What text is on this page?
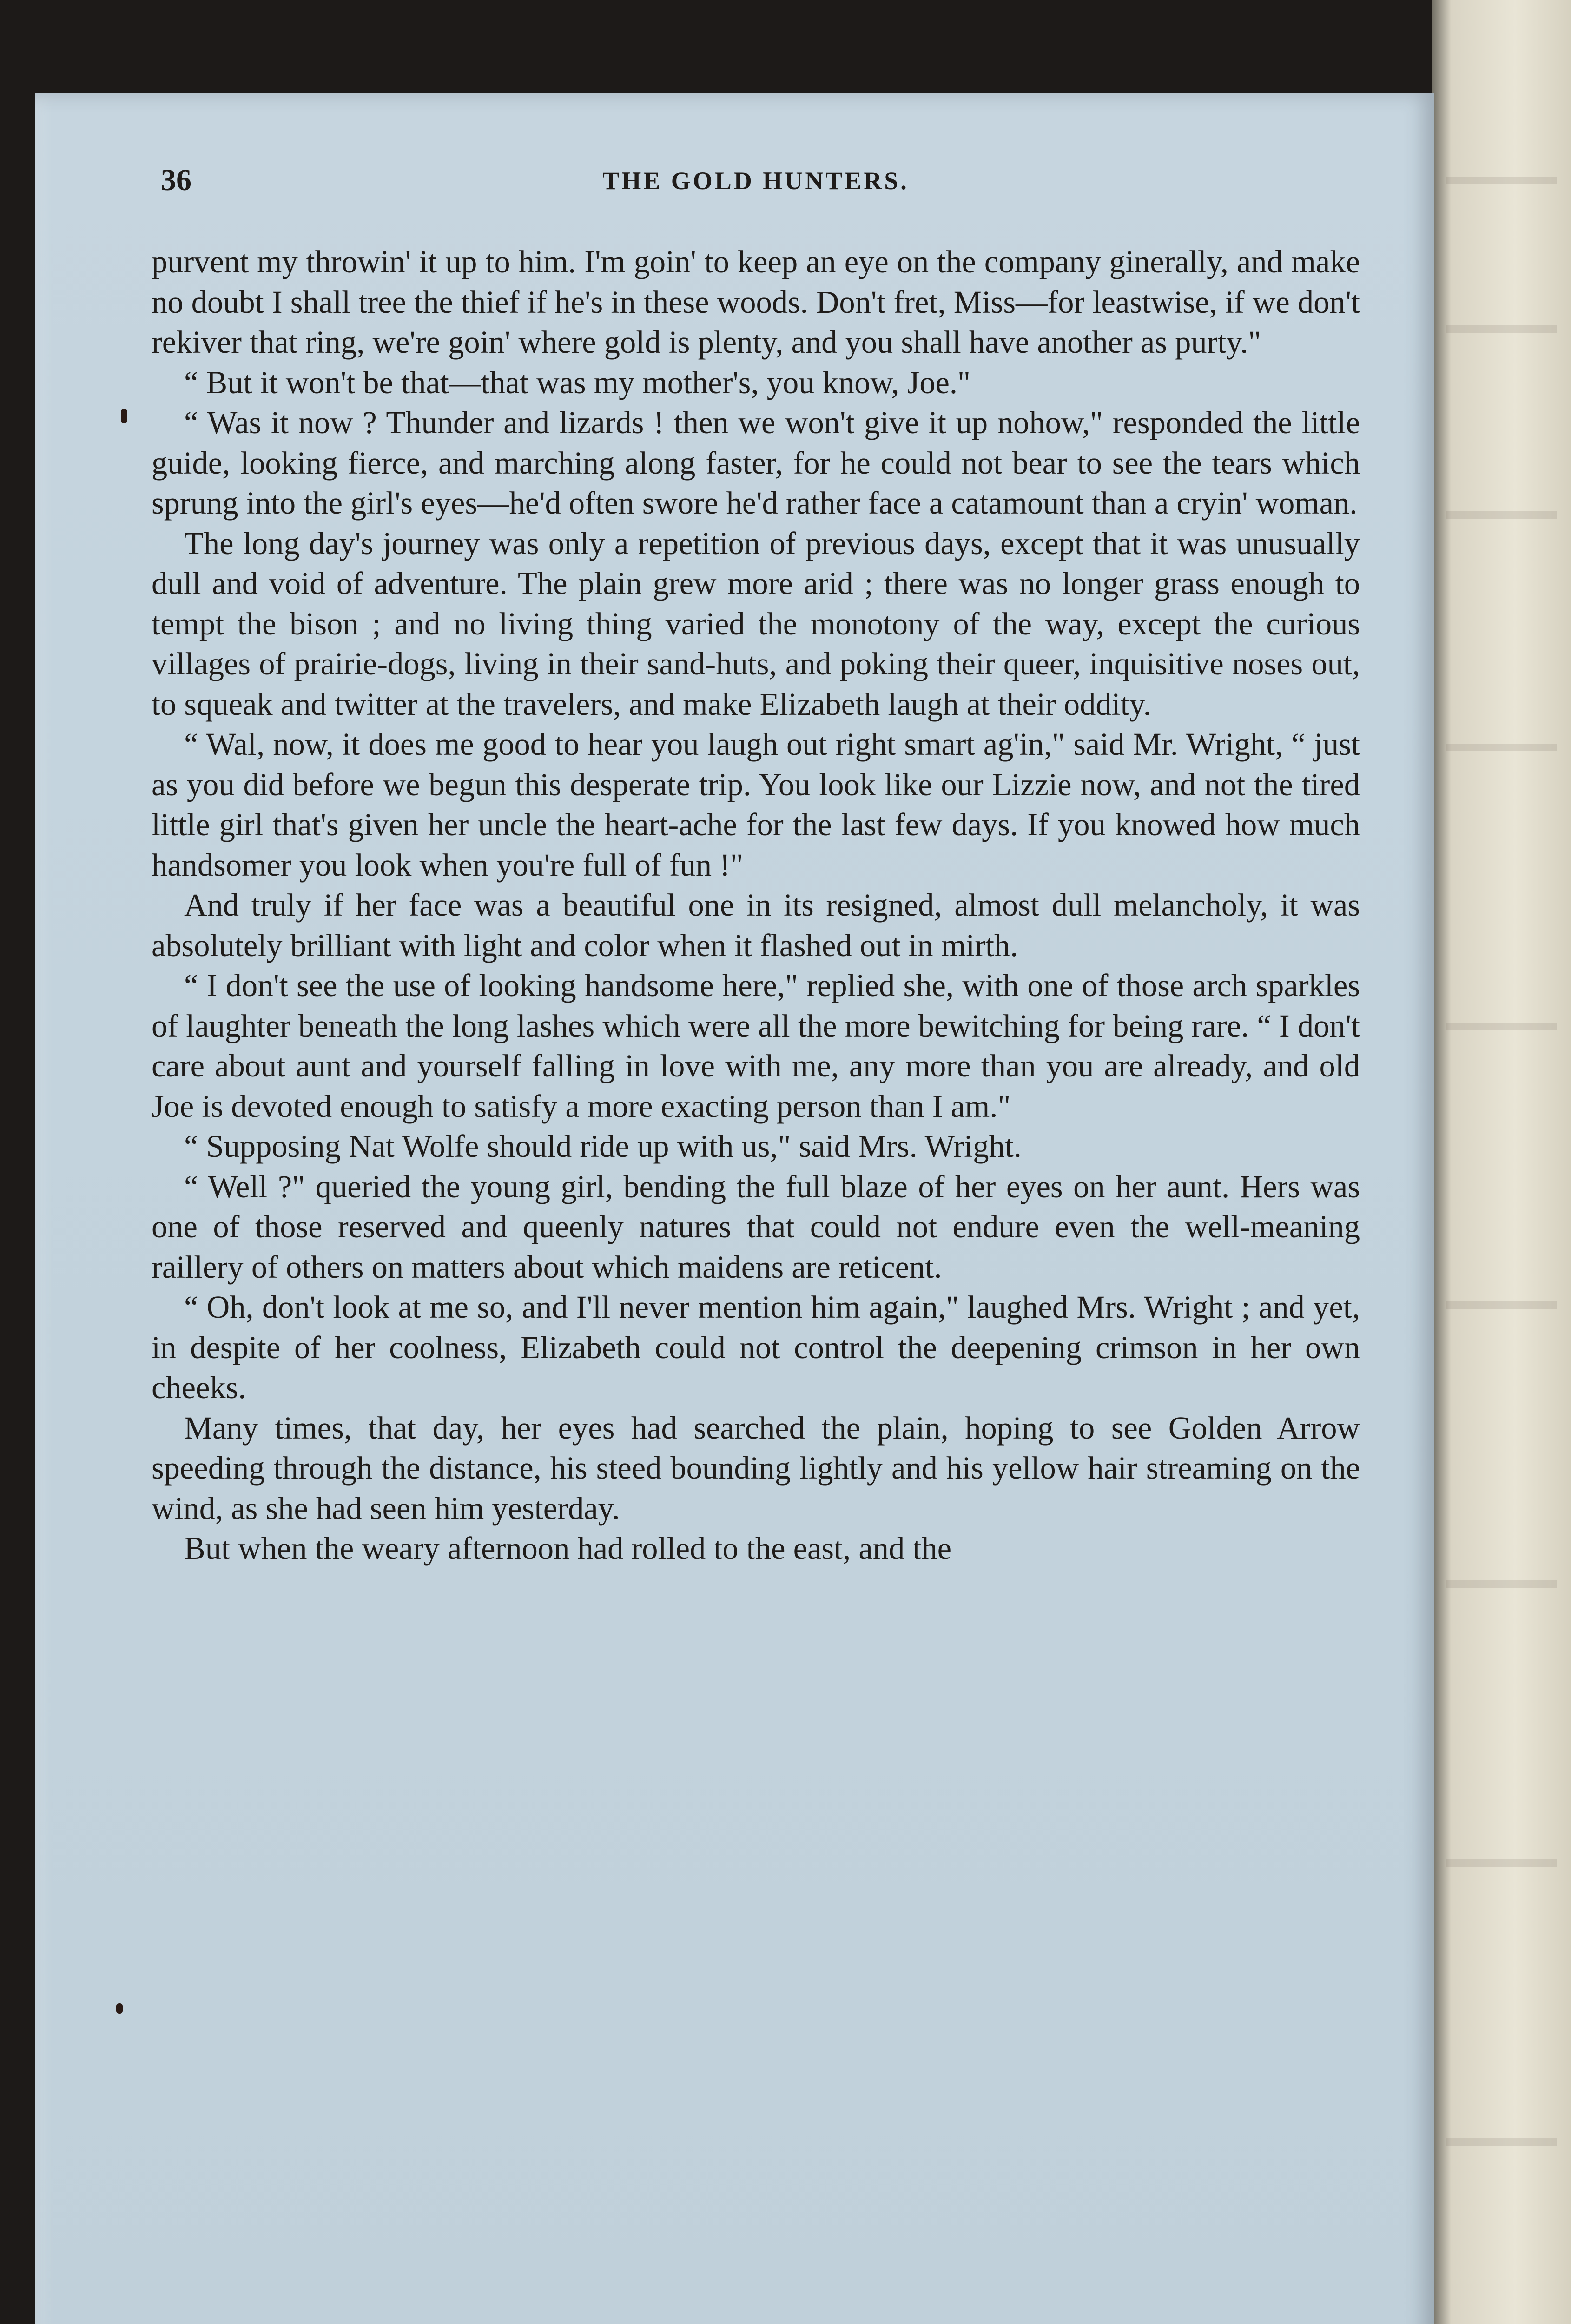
36	THE GOLD HUNTERS.

purvent my throwin' it up to him. I'm goin' to keep an eye on the company ginerally, and make no doubt I shall tree the thief if he's in these woods. Don't fret, Miss—for leastwise, if we don't rekiver that ring, we're goin' where gold is plenty, and you shall have another as purty."

“ But it won't be that—that was my mother's, you know, Joe."

“ Was it now ? Thunder and lizards ! then we won't give it up nohow," responded the little guide, looking fierce, and marching along faster, for he could not bear to see the tears which sprung into the girl's eyes—he'd often swore he'd rather face a catamount than a cryin' woman.

The long day's journey was only a repetition of previous days, except that it was unusually dull and void of adventure. The plain grew more arid ; there was no longer grass enough to tempt the bison ; and no living thing varied the monotony of the way, except the curious villages of prairie-dogs, living in their sand-huts, and poking their queer, inquisitive noses out, to squeak and twitter at the travelers, and make Elizabeth laugh at their oddity.

“ Wal, now, it does me good to hear you laugh out right smart ag'in," said Mr. Wright, “ just as you did before we begun this desperate trip. You look like our Lizzie now, and not the tired little girl that's given her uncle the heart-ache for the last few days. If you knowed how much handsomer you look when you're full of fun !"

And truly if her face was a beautiful one in its resigned, almost dull melancholy, it was absolutely brilliant with light and color when it flashed out in mirth.

“ I don't see the use of looking handsome here," replied she, with one of those arch sparkles of laughter beneath the long lashes which were all the more bewitching for being rare. “ I don't care about aunt and yourself falling in love with me, any more than you are already, and old Joe is devoted enough to satisfy a more exacting person than I am."

“ Supposing Nat Wolfe should ride up with us," said Mrs. Wright.

“ Well ?" queried the young girl, bending the full blaze of her eyes on her aunt. Hers was one of those reserved and queenly natures that could not endure even the well-meaning raillery of others on matters about which maidens are reticent.

“ Oh, don't look at me so, and I'll never mention him again," laughed Mrs. Wright ; and yet, in despite of her coolness, Elizabeth could not control the deepening crimson in her own cheeks.

Many times, that day, her eyes had searched the plain, hoping to see Golden Arrow speeding through the distance, his steed bounding lightly and his yellow hair streaming on the wind, as she had seen him yesterday.

But when the weary afternoon had rolled to the east, and the
